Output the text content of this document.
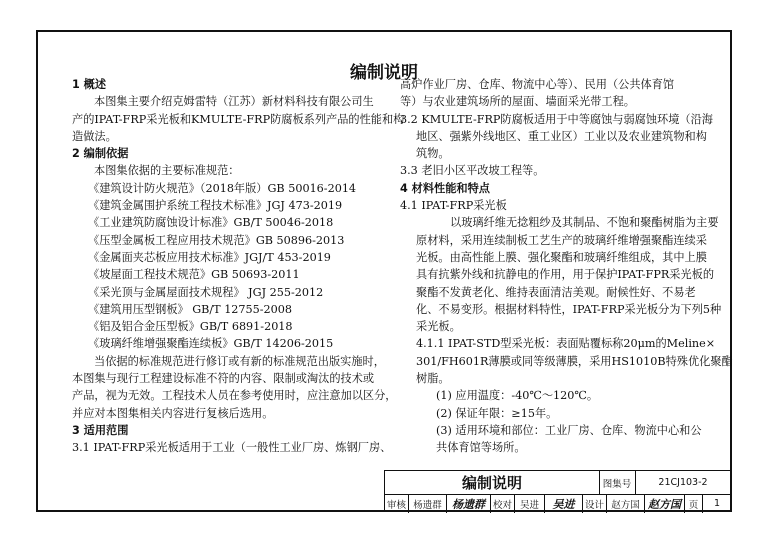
编制说明
1 概述
本图集主要介绍克姆雷特（江苏）新材料科技有限公司生
产的IPAT-FRP采光板和KMULTE-FRP防腐板系列产品的性能和构
造做法。
2 编制依据
本图集依据的主要标准规范：
《建筑设计防火规范》（2018年版）GB 50016-2014
《建筑金属围护系统工程技术标准》JGJ 473-2019
《工业建筑防腐蚀设计标准》GB/T 50046-2018
《压型金属板工程应用技术规范》GB 50896-2013
《金属面夹芯板应用技术标准》JGJ/T 453-2019
《坡屋面工程技术规范》GB 50693-2011
《采光顶与金属屋面技术规程》 JGJ 255-2012
《建筑用压型钢板》 GB/T 12755-2008
《铝及铝合金压型板》GB/T 6891-2018
《玻璃纤维增强聚酯连续板》GB/T 14206-2015
当依据的标准规范进行修订或有新的标准规范出版实施时，
本图集与现行工程建设标准不符的内容、限制或淘汰的技术或
产品，视为无效。工程技术人员在参考使用时，应注意加以区分，
并应对本图集相关内容进行复核后选用。
3 适用范围
3.1 IPAT-FRP采光板适用于工业（一般性工业厂房、炼钢厂房、
高炉作业厂房、仓库、物流中心等）、民用（公共体育馆
等）与农业建筑场所的屋面、墙面采光带工程。
3.2 KMULTE-FRP防腐板适用于中等腐蚀与弱腐蚀环境（沿海
地区、强紫外线地区、重工业区）工业以及农业建筑物和构
筑物。
3.3 老旧小区平改坡工程等。
4 材料性能和特点
4.1 IPAT-FRP采光板
以玻璃纤维无捻粗纱及其制品、不饱和聚酯树脂为主要
原材料，采用连续制板工艺生产的玻璃纤维增强聚酯连续采
光板。由高性能上膜、强化聚酯和玻璃纤维组成，其中上膜
具有抗紫外线和抗静电的作用，用于保护IPAT-FPR采光板的
聚酯不发黄老化、维持表面清洁美观。耐候性好、不易老
化、不易变形。根据材料特性，IPAT-FRP采光板分为下列5种
采光板。
4.1.1 IPAT-STD型采光板：表面贴覆标称20μm的Meline×
301/FH601R薄膜或同等级薄膜，采用HS1010B特殊优化聚酯
树脂。
(1) 应用温度：-40℃～120℃。
(2) 保证年限：≥15年。
(3) 适用环境和部位：工业厂房、仓库、物流中心和公
共体育馆等场所。
编制说明	图集号	21CJ103-2
审核 杨遗群 杨遗群 校对 吴进	吴进	设计 赵方国 赵方国 页	1
